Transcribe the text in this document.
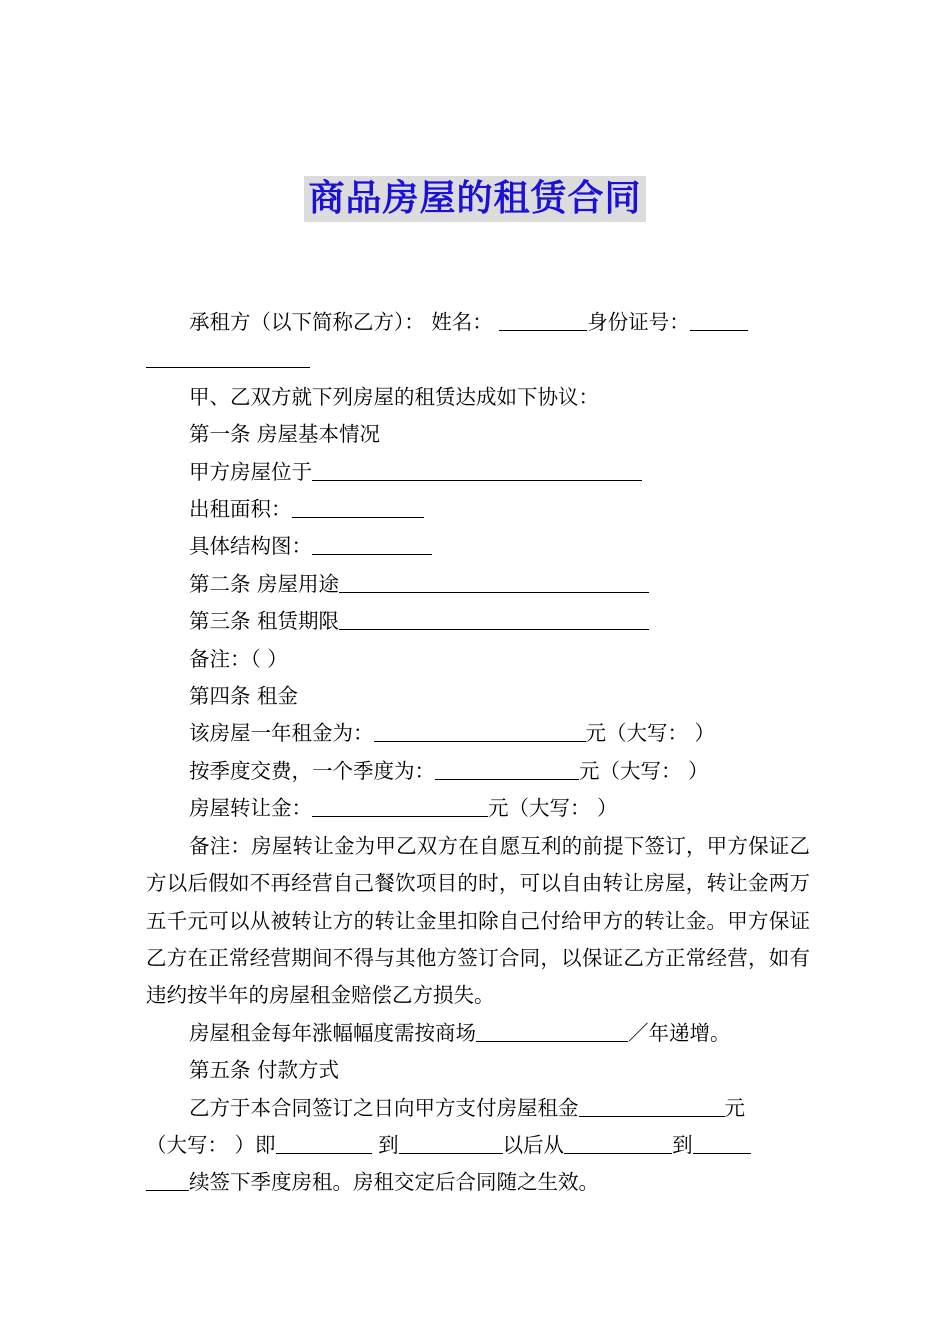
商品房屋的租赁合同

承租方（以下简称乙方）： 姓名：	身份证号：

甲、乙双方就下列房屋的租赁达成如下协议：

第一条 房屋基本情况

甲方房屋位于

出租面积：

具体结构图：

第二条 房屋用途

第三条 租赁期限

备注：（ ）

第四条 租金

该房屋一年租金为：	元（大写： ）

按季度交费，一个季度为：	元（大写： ）

房屋转让金：	元（大写： ）

备注：房屋转让金为甲乙双方在自愿互利的前提下签订，甲方保证乙方以后假如不再经营自己餐饮项目的时，可以自由转让房屋，转让金两万五千元可以从被转让方的转让金里扣除自己付给甲方的转让金。甲方保证乙方在正常经营期间不得与其他方签订合同，以保证乙方正常经营，如有违约按半年的房屋租金赔偿乙方损失。

房屋租金每年涨幅幅度需按商场	／年递增。

第五条 付款方式

乙方于本合同签订之日向甲方支付房屋租金	元

（大写： ）即	到	以后从	到

续签下季度房租。房租交定后合同随之生效。
